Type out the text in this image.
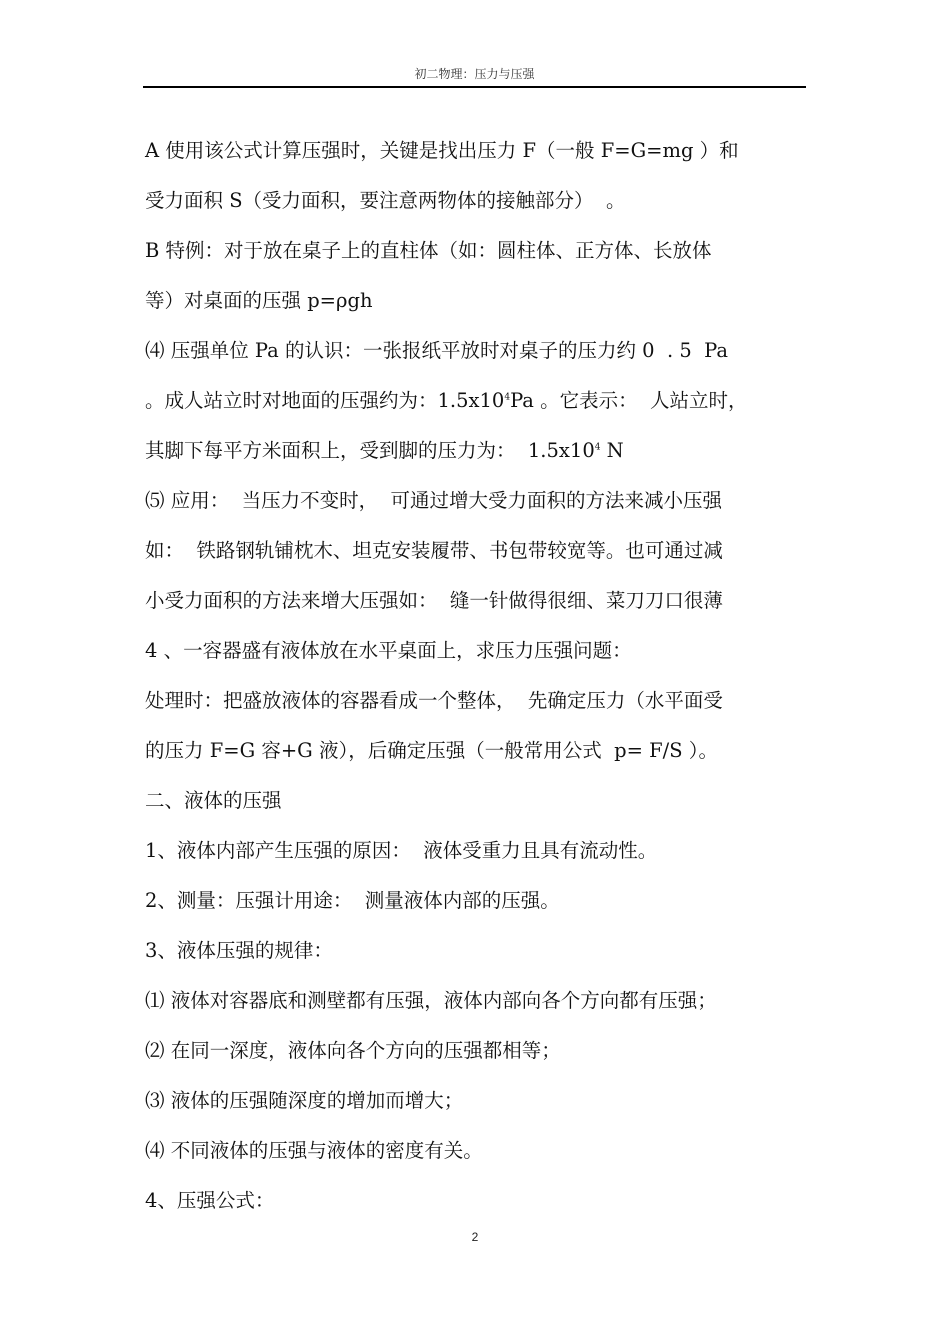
初二物理：压力与压强
A 使用该公式计算压强时，关键是找出压力 F（一般 F=G=mg ）和
受力面积 S（受力面积，要注意两物体的接触部分）  。
B 特例：对于放在桌子上的直柱体（如：圆柱体、正方体、长放体
等）对桌面的压强 p=ρgh
⑷ 压强单位 Pa 的认识：一张报纸平放时对桌子的压力约 0  . 5  Pa
。成人站立时对地面的压强约为：$1.5x10^4Pa$ 。它表示：  人站立时，
其脚下每平方米面积上，受到脚的压力为：  $1.5x10^4$ N
⑸ 应用：  当压力不变时，  可通过增大受力面积的方法来减小压强
如：  铁路钢轨铺枕木、坦克安装履带、书包带较宽等。也可通过减
小受力面积的方法来增大压强如：  缝一针做得很细、菜刀刀口很薄
4 、一容器盛有液体放在水平桌面上，求压力压强问题：
处理时：把盛放液体的容器看成一个整体，  先确定压力（水平面受
的压力 F=G 容+G 液），后确定压强（一般常用公式  p= F/S ）。
二、液体的压强
1、液体内部产生压强的原因：  液体受重力且具有流动性。
2、测量：压强计用途：  测量液体内部的压强。
3、液体压强的规律：
⑴ 液体对容器底和测壁都有压强，液体内部向各个方向都有压强；
⑵ 在同一深度，液体向各个方向的压强都相等；
⑶ 液体的压强随深度的增加而增大；
⑷ 不同液体的压强与液体的密度有关。
4、压强公式：
2
